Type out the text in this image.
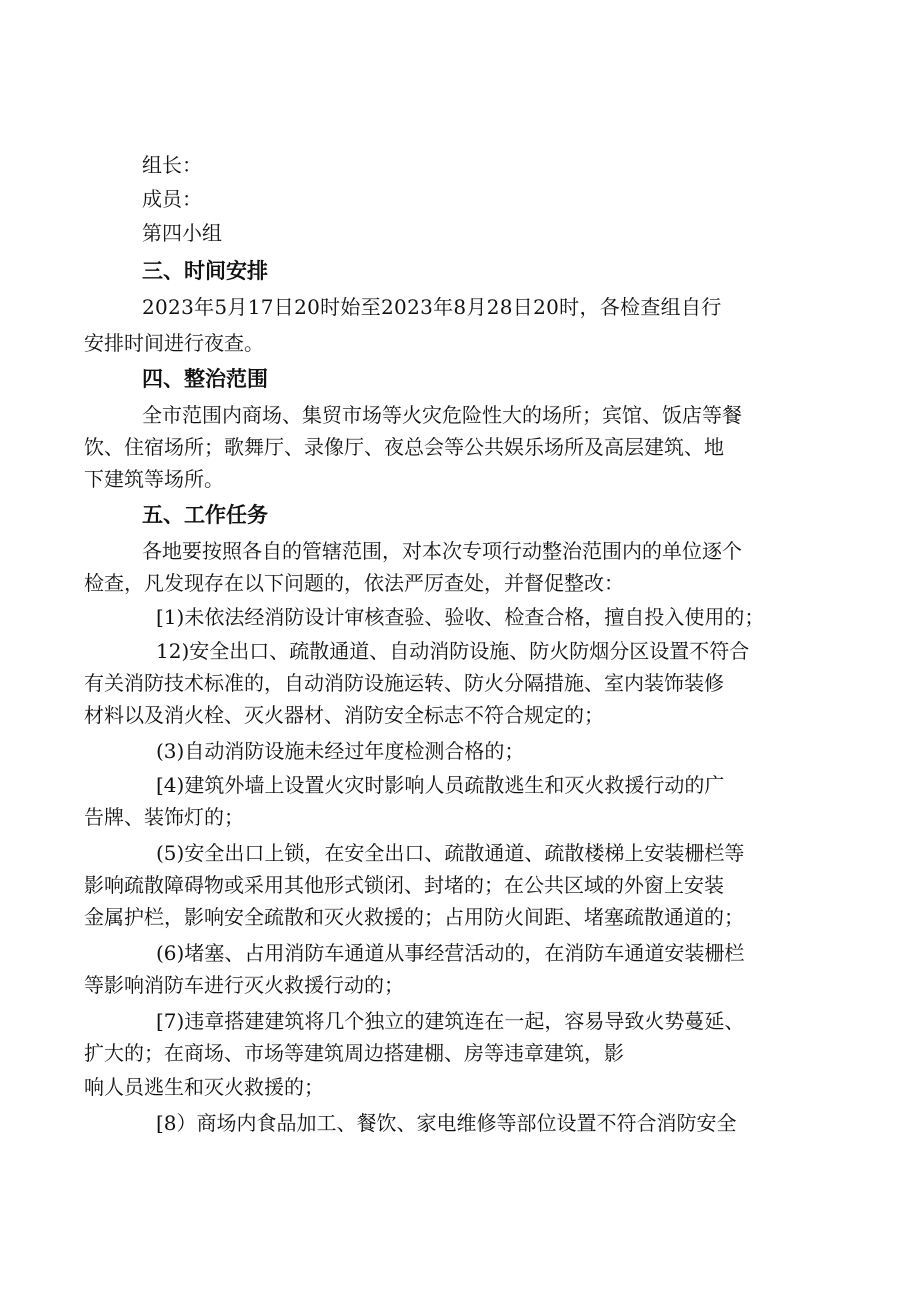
组长：
成员：
第四小组
三、时间安排
2023年5月17日20时始至2023年8月28日20时，各检查组自行
安排时间进行夜查。
四、整治范围
全市范围内商场、集贸市场等火灾危险性大的场所；宾馆、饭店等餐
饮、住宿场所；歌舞厅、录像厅、夜总会等公共娱乐场所及高层建筑、地
下建筑等场所。
五、工作任务
各地要按照各自的管辖范围，对本次专项行动整治范围内的单位逐个
检查，凡发现存在以下问题的，依法严厉查处，并督促整改：
[1)未依法经消防设计审核查验、验收、检查合格，擅自投入使用的；
12)安全出口、疏散通道、自动消防设施、防火防烟分区设置不符合
有关消防技术标准的，自动消防设施运转、防火分隔措施、室内装饰装修
材料以及消火栓、灭火器材、消防安全标志不符合规定的；
(3)自动消防设施未经过年度检测合格的；
[4)建筑外墙上设置火灾时影响人员疏散逃生和灭火救援行动的广
告牌、装饰灯的；
(5)安全出口上锁，在安全出口、疏散通道、疏散楼梯上安装栅栏等
影响疏散障碍物或采用其他形式锁闭、封堵的；在公共区域的外窗上安装
金属护栏，影响安全疏散和灭火救援的；占用防火间距、堵塞疏散通道的；
(6)堵塞、占用消防车通道从事经营活动的，在消防车通道安装栅栏
等影响消防车进行灭火救援行动的；
[7)违章搭建建筑将几个独立的建筑连在一起，容易导致火势蔓延、
扩大的；在商场、市场等建筑周边搭建棚、房等违章建筑，影
响人员逃生和灭火救援的；
[8）商场内食品加工、餐饮、家电维修等部位设置不符合消防安全
